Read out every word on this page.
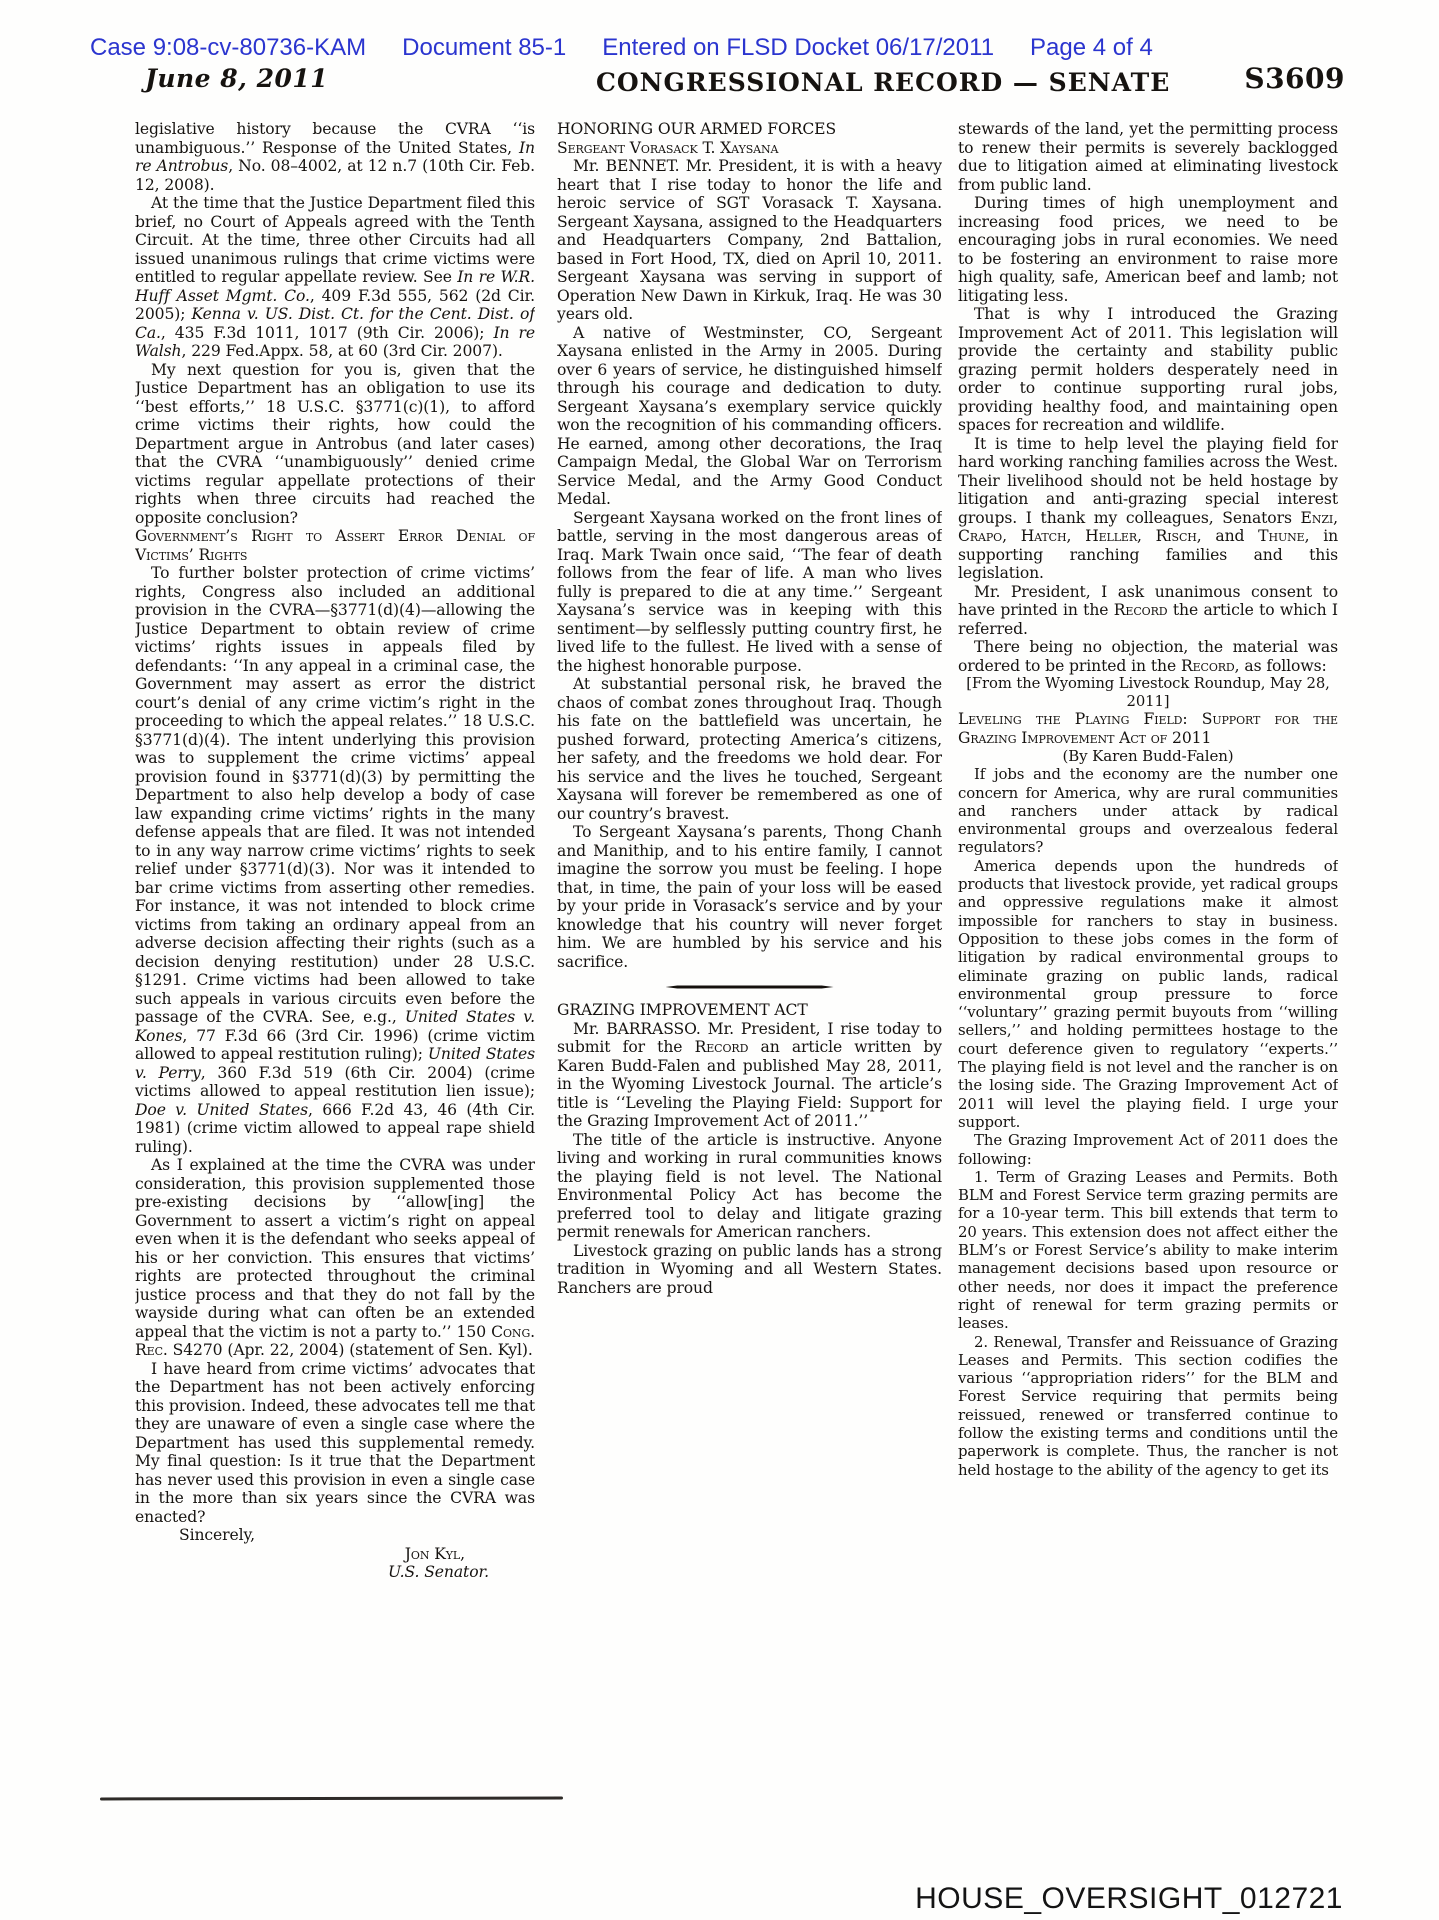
Case 9:08-cv-80736-KAM Document 85-1 Entered on FLSD Docket 06/17/2011 Page 4 of 4
June 8, 2011	CONGRESSIONAL RECORD — SENATE	S3609

legislative history because the CVRA ‘‘is unambiguous.’’ Response of the United States, In re Antrobus, No. 08–4002, at 12 n.7 (10th Cir. Feb. 12, 2008).

At the time that the Justice Department filed this brief, no Court of Appeals agreed with the Tenth Circuit. At the time, three other Circuits had all issued unanimous rulings that crime victims were entitled to regular appellate review. See In re W.R. Huff Asset Mgmt. Co., 409 F.3d 555, 562 (2d Cir. 2005); Kenna v. US. Dist. Ct. for the Cent. Dist. of Ca., 435 F.3d 1011, 1017 (9th Cir. 2006); In re Walsh, 229 Fed.Appx. 58, at 60 (3rd Cir. 2007).

My next question for you is, given that the Justice Department has an obligation to use its ‘‘best efforts,’’ 18 U.S.C. §3771(c)(1), to afford crime victims their rights, how could the Department argue in Antrobus (and later cases) that the CVRA ‘‘unambiguously’’ denied crime victims regular appellate protections of their rights when three circuits had reached the opposite conclusion?

Government’s Right to Assert Error Denial of Victims’ Rights

To further bolster protection of crime victims’ rights, Congress also included an additional provision in the CVRA—§3771(d)(4)—allowing the Justice Department to obtain review of crime victims’ rights issues in appeals filed by defendants: ‘‘In any appeal in a criminal case, the Government may assert as error the district court’s denial of any crime victim’s right in the proceeding to which the appeal relates.’’ 18 U.S.C. §3771(d)(4). The intent underlying this provision was to supplement the crime victims’ appeal provision found in §3771(d)(3) by permitting the Department to also help develop a body of case law expanding crime victims’ rights in the many defense appeals that are filed. It was not intended to in any way narrow crime victims’ rights to seek relief under §3771(d)(3). Nor was it intended to bar crime victims from asserting other remedies. For instance, it was not intended to block crime victims from taking an ordinary appeal from an adverse decision affecting their rights (such as a decision denying restitution) under 28 U.S.C. §1291. Crime victims had been allowed to take such appeals in various circuits even before the passage of the CVRA. See, e.g., United States v. Kones, 77 F.3d 66 (3rd Cir. 1996) (crime victim allowed to appeal restitution ruling); United States v. Perry, 360 F.3d 519 (6th Cir. 2004) (crime victims allowed to appeal restitution lien issue); Doe v. United States, 666 F.2d 43, 46 (4th Cir. 1981) (crime victim allowed to appeal rape shield ruling).

As I explained at the time the CVRA was under consideration, this provision supplemented those pre-existing decisions by ‘‘allow[ing] the Government to assert a victim’s right on appeal even when it is the defendant who seeks appeal of his or her conviction. This ensures that victims’ rights are protected throughout the criminal justice process and that they do not fall by the wayside during what can often be an extended appeal that the victim is not a party to.’’ 150 Cong. Rec. S4270 (Apr. 22, 2004) (statement of Sen. Kyl).

I have heard from crime victims’ advocates that the Department has not been actively enforcing this provision. Indeed, these advocates tell me that they are unaware of even a single case where the Department has used this supplemental remedy. My final question: Is it true that the Department has never used this provision in even a single case in the more than six years since the CVRA was enacted?

Sincerely,

Jon Kyl,

U.S. Senator.

HONORING OUR ARMED FORCES

Sergeant Vorasack T. Xaysana

Mr. BENNET. Mr. President, it is with a heavy heart that I rise today to honor the life and heroic service of SGT Vorasack T. Xaysana. Sergeant Xaysana, assigned to the Headquarters and Headquarters Company, 2nd Battalion, based in Fort Hood, TX, died on April 10, 2011. Sergeant Xaysana was serving in support of Operation New Dawn in Kirkuk, Iraq. He was 30 years old.

A native of Westminster, CO, Sergeant Xaysana enlisted in the Army in 2005. During over 6 years of service, he distinguished himself through his courage and dedication to duty. Sergeant Xaysana’s exemplary service quickly won the recognition of his commanding officers. He earned, among other decorations, the Iraq Campaign Medal, the Global War on Terrorism Service Medal, and the Army Good Conduct Medal.

Sergeant Xaysana worked on the front lines of battle, serving in the most dangerous areas of Iraq. Mark Twain once said, ‘‘The fear of death follows from the fear of life. A man who lives fully is prepared to die at any time.’’ Sergeant Xaysana’s service was in keeping with this sentiment—by selflessly putting country first, he lived life to the fullest. He lived with a sense of the highest honorable purpose.

At substantial personal risk, he braved the chaos of combat zones throughout Iraq. Though his fate on the battlefield was uncertain, he pushed forward, protecting America’s citizens, her safety, and the freedoms we hold dear. For his service and the lives he touched, Sergeant Xaysana will forever be remembered as one of our country’s bravest.

To Sergeant Xaysana’s parents, Thong Chanh and Manithip, and to his entire family, I cannot imagine the sorrow you must be feeling. I hope that, in time, the pain of your loss will be eased by your pride in Vorasack’s service and by your knowledge that his country will never forget him. We are humbled by his service and his sacrifice.

GRAZING IMPROVEMENT ACT

Mr. BARRASSO. Mr. President, I rise today to submit for the Record an article written by Karen Budd-Falen and published May 28, 2011, in the Wyoming Livestock Journal. The article’s title is ‘‘Leveling the Playing Field: Support for the Grazing Improvement Act of 2011.’’

The title of the article is instructive. Anyone living and working in rural communities knows the playing field is not level. The National Environmental Policy Act has become the preferred tool to delay and litigate grazing permit renewals for American ranchers.

Livestock grazing on public lands has a strong tradition in Wyoming and all Western States. Ranchers are proud

stewards of the land, yet the permitting process to renew their permits is severely backlogged due to litigation aimed at eliminating livestock from public land.

During times of high unemployment and increasing food prices, we need to be encouraging jobs in rural economies. We need to be fostering an environment to raise more high quality, safe, American beef and lamb; not litigating less.

That is why I introduced the Grazing Improvement Act of 2011. This legislation will provide the certainty and stability public grazing permit holders desperately need in order to continue supporting rural jobs, providing healthy food, and maintaining open spaces for recreation and wildlife.

It is time to help level the playing field for hard working ranching families across the West. Their livelihood should not be held hostage by litigation and anti-grazing special interest groups. I thank my colleagues, Senators Enzi, Crapo, Hatch, Heller, Risch, and Thune, in supporting ranching families and this legislation.

Mr. President, I ask unanimous consent to have printed in the Record the article to which I referred.

There being no objection, the material was ordered to be printed in the Record, as follows:

[From the Wyoming Livestock Roundup, May 28, 2011]

Leveling the Playing Field: Support for the Grazing Improvement Act of 2011

(By Karen Budd-Falen)

If jobs and the economy are the number one concern for America, why are rural communities and ranchers under attack by radical environmental groups and overzealous federal regulators?

America depends upon the hundreds of products that livestock provide, yet radical groups and oppressive regulations make it almost impossible for ranchers to stay in business. Opposition to these jobs comes in the form of litigation by radical environmental groups to eliminate grazing on public lands, radical environmental group pressure to force ‘‘voluntary’’ grazing permit buyouts from ‘‘willing sellers,’’ and holding permittees hostage to the court deference given to regulatory ‘‘experts.’’ The playing field is not level and the rancher is on the losing side. The Grazing Improvement Act of 2011 will level the playing field. I urge your support.

The Grazing Improvement Act of 2011 does the following:

1. Term of Grazing Leases and Permits. Both BLM and Forest Service term grazing permits are for a 10-year term. This bill extends that term to 20 years. This extension does not affect either the BLM’s or Forest Service’s ability to make interim management decisions based upon resource or other needs, nor does it impact the preference right of renewal for term grazing permits or leases.

2. Renewal, Transfer and Reissuance of Grazing Leases and Permits. This section codifies the various ‘‘appropriation riders’’ for the BLM and Forest Service requiring that permits being reissued, renewed or transferred continue to follow the existing terms and conditions until the paperwork is complete. Thus, the rancher is not held hostage to the ability of the agency to get its

HOUSE_OVERSIGHT_012721
